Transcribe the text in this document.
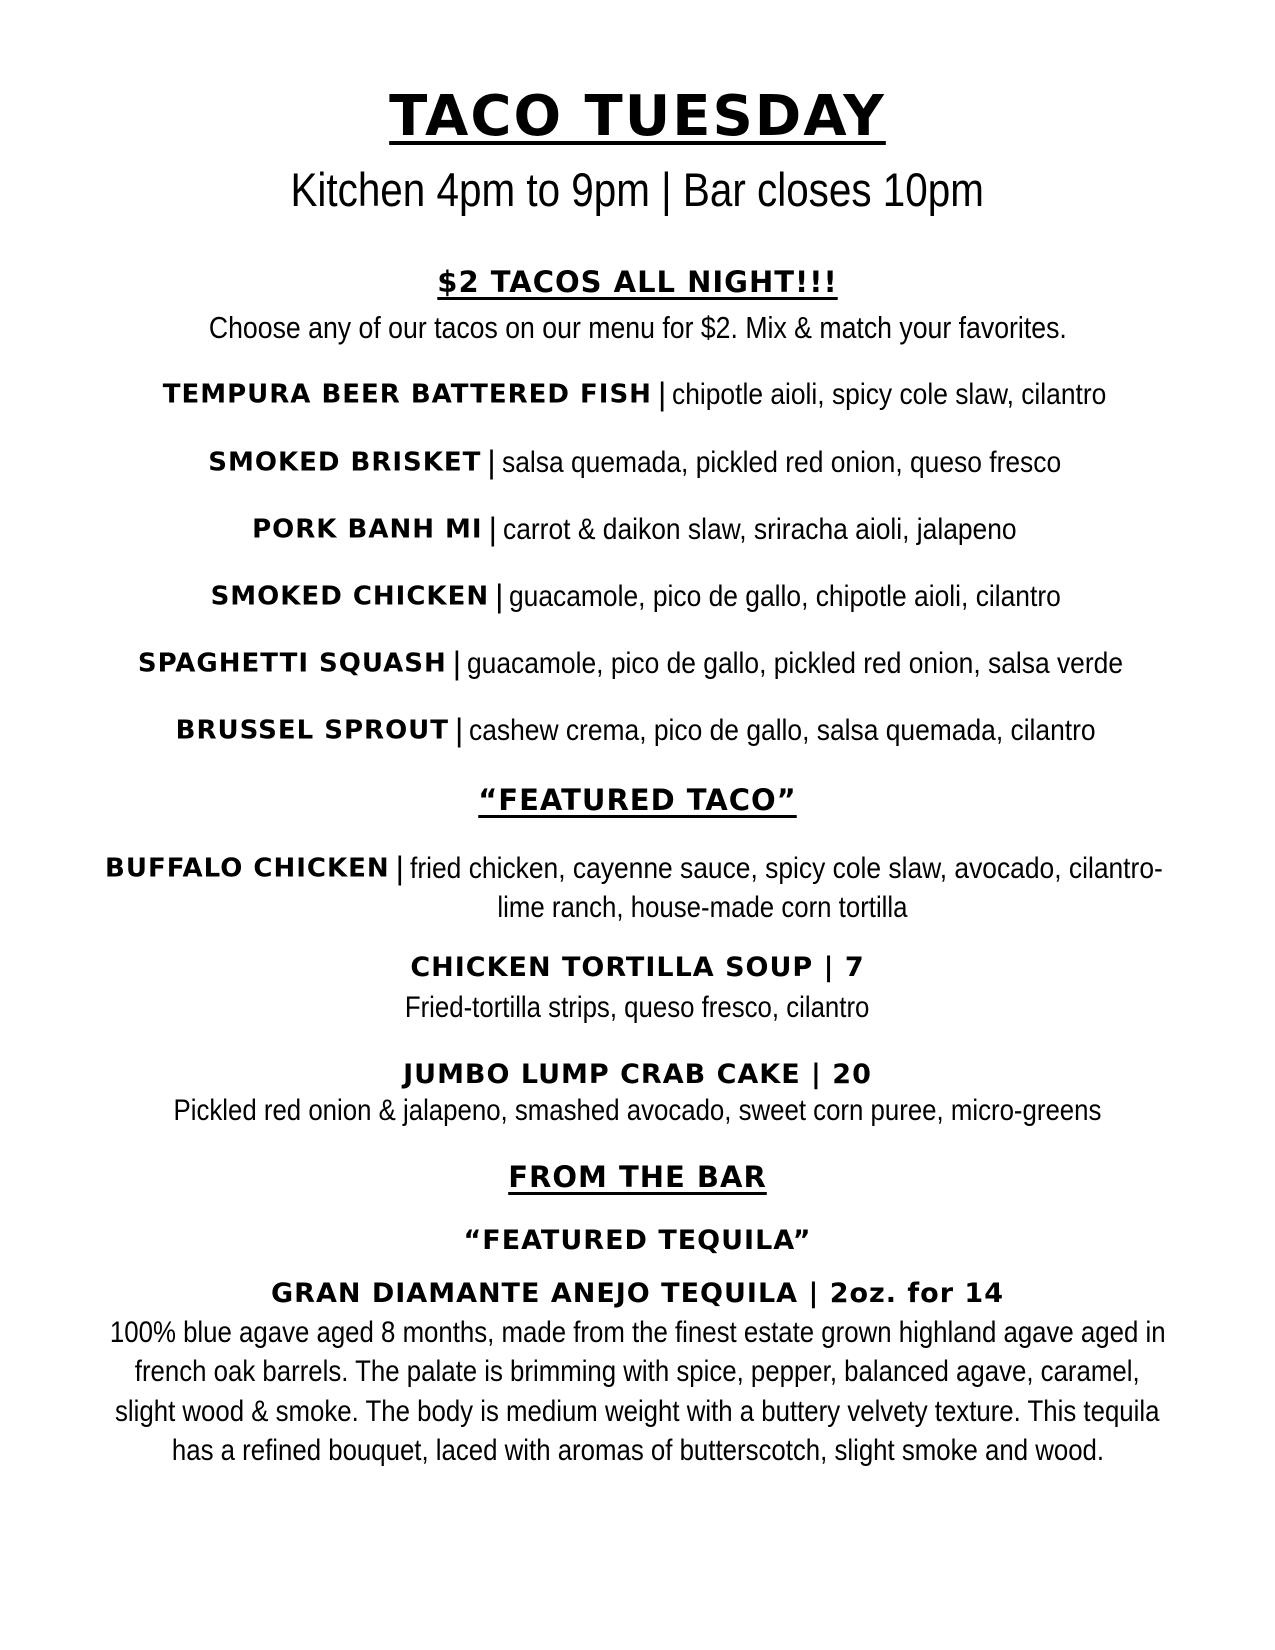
TACO TUESDAY
Kitchen 4pm to 9pm | Bar closes 10pm
$2 TACOS ALL NIGHT!!!
Choose any of our tacos on our menu for $2. Mix & match your favorites.
TEMPURA BEER BATTERED FISH | chipotle aioli, spicy cole slaw, cilantro
SMOKED BRISKET | salsa quemada, pickled red onion, queso fresco
PORK BANH MI | carrot & daikon slaw, sriracha aioli, jalapeno
SMOKED CHICKEN | guacamole, pico de gallo, chipotle aioli, cilantro
SPAGHETTI SQUASH | guacamole, pico de gallo, pickled red onion, salsa verde
BRUSSEL SPROUT | cashew crema, pico de gallo, salsa quemada, cilantro
“FEATURED TACO”
BUFFALO CHICKEN | fried chicken, cayenne sauce, spicy cole slaw, avocado, cilantro-
lime ranch, house-made corn tortilla
CHICKEN TORTILLA SOUP | 7
Fried-tortilla strips, queso fresco, cilantro
JUMBO LUMP CRAB CAKE | 20
Pickled red onion & jalapeno, smashed avocado, sweet corn puree, micro-greens
FROM THE BAR
“FEATURED TEQUILA”
GRAN DIAMANTE ANEJO TEQUILA | 2oz. for 14
100% blue agave aged 8 months, made from the finest estate grown highland agave aged in
french oak barrels. The palate is brimming with spice, pepper, balanced agave, caramel,
slight wood & smoke. The body is medium weight with a buttery velvety texture. This tequila
has a refined bouquet, laced with aromas of butterscotch, slight smoke and wood.
